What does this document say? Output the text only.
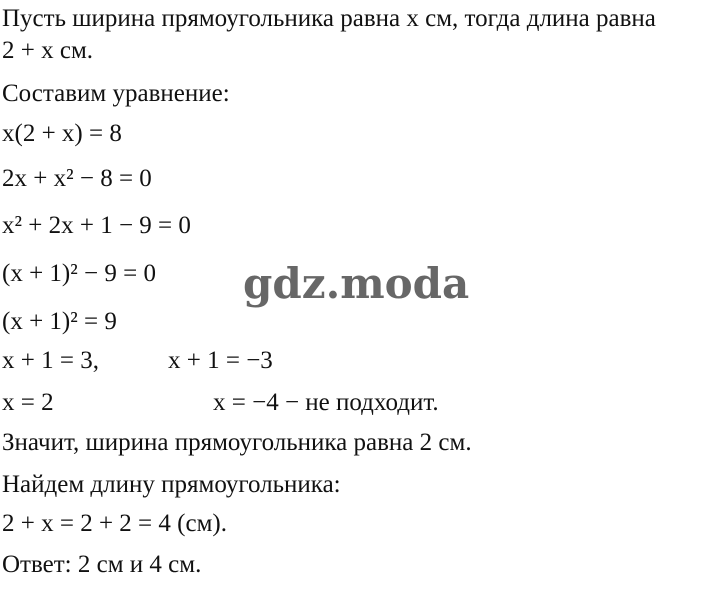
Пусть ширина прямоугольника равна x см, тогда длина равна
2 + x см.
Составим уравнение:
x(2 + x) = 8
2x + x² − 8 = 0
x² + 2x + 1 − 9 = 0
(x + 1)² − 9 = 0
(x + 1)² = 9
x + 1 = 3,	x + 1 = −3
x = 2	x = −4 − не подходит.
Значит, ширина прямоугольника равна 2 см.
Найдем длину прямоугольника:
2 + x = 2 + 2 = 4 (см).
Ответ: 2 см и 4 см.
gdz.moda
